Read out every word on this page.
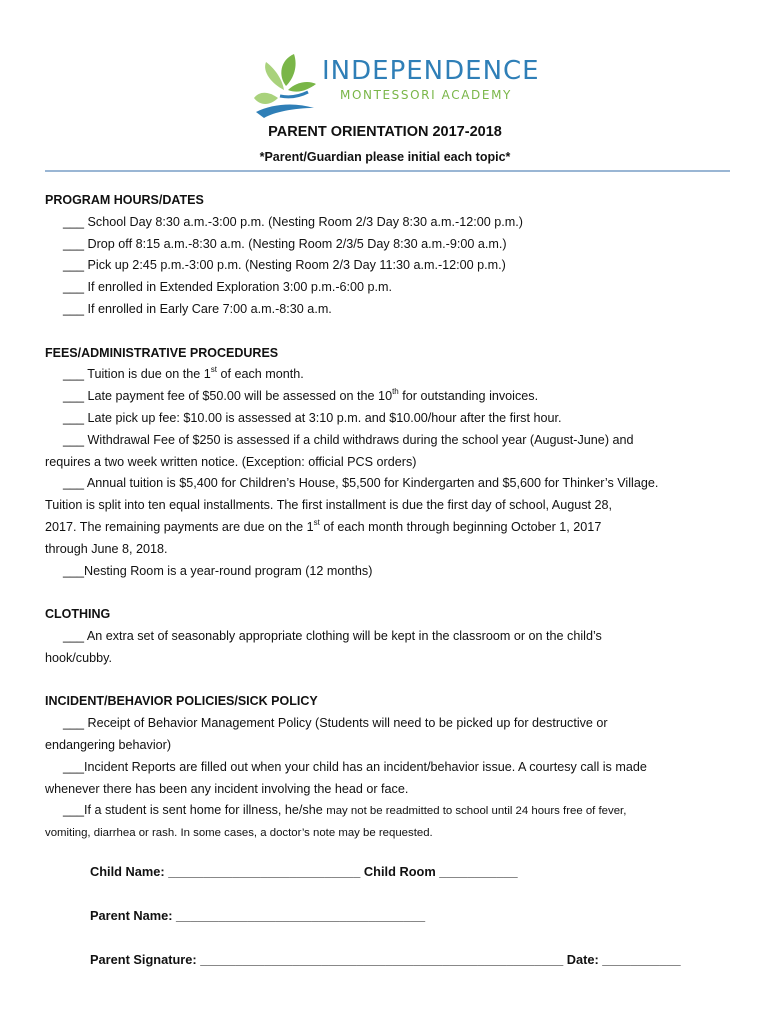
INDEPENDENCE
MONTESSORI ACADEMY
PARENT ORIENTATION 2017-2018
*Parent/Guardian please initial each topic*
PROGRAM HOURS/DATES
___ School Day 8:30 a.m.-3:00 p.m. (Nesting Room 2/3 Day 8:30 a.m.-12:00 p.m.)
___ Drop off 8:15 a.m.-8:30 a.m. (Nesting Room 2/3/5 Day 8:30 a.m.-9:00 a.m.)
___ Pick up 2:45 p.m.-3:00 p.m. (Nesting Room 2/3 Day 11:30 a.m.-12:00 p.m.)
___ If enrolled in Extended Exploration 3:00 p.m.-6:00 p.m.
___ If enrolled in Early Care 7:00 a.m.-8:30 a.m.
FEES/ADMINISTRATIVE PROCEDURES
___ Tuition is due on the 1st of each month.
___ Late payment fee of $50.00 will be assessed on the 10th for outstanding invoices.
___ Late pick up fee: $10.00 is assessed at 3:10 p.m. and $10.00/hour after the first hour.
___ Withdrawal Fee of $250 is assessed if a child withdraws during the school year (August-June) and
requires a two week written notice. (Exception: official PCS orders)
___ Annual tuition is $5,400 for Children’s House, $5,500 for Kindergarten and $5,600 for Thinker’s Village.
Tuition is split into ten equal installments. The first installment is due the first day of school, August 28,
2017. The remaining payments are due on the 1st of each month through beginning October 1, 2017
through June 8, 2018.
___Nesting Room is a year-round program (12 months)
CLOTHING
___ An extra set of seasonably appropriate clothing will be kept in the classroom or on the child’s
hook/cubby.
INCIDENT/BEHAVIOR POLICIES/SICK POLICY
___ Receipt of Behavior Management Policy (Students will need to be picked up for destructive or
endangering behavior)
___Incident Reports are filled out when your child has an incident/behavior issue. A courtesy call is made
whenever there has been any incident involving the head or face.
___If a student is sent home for illness, he/she may not be readmitted to school until 24 hours free of fever,
vomiting, diarrhea or rash. In some cases, a doctor’s note may be requested.
Child Name: ___________________________ Child Room ___________
Parent Name: ___________________________________
Parent Signature: ___________________________________________________ Date: ___________
